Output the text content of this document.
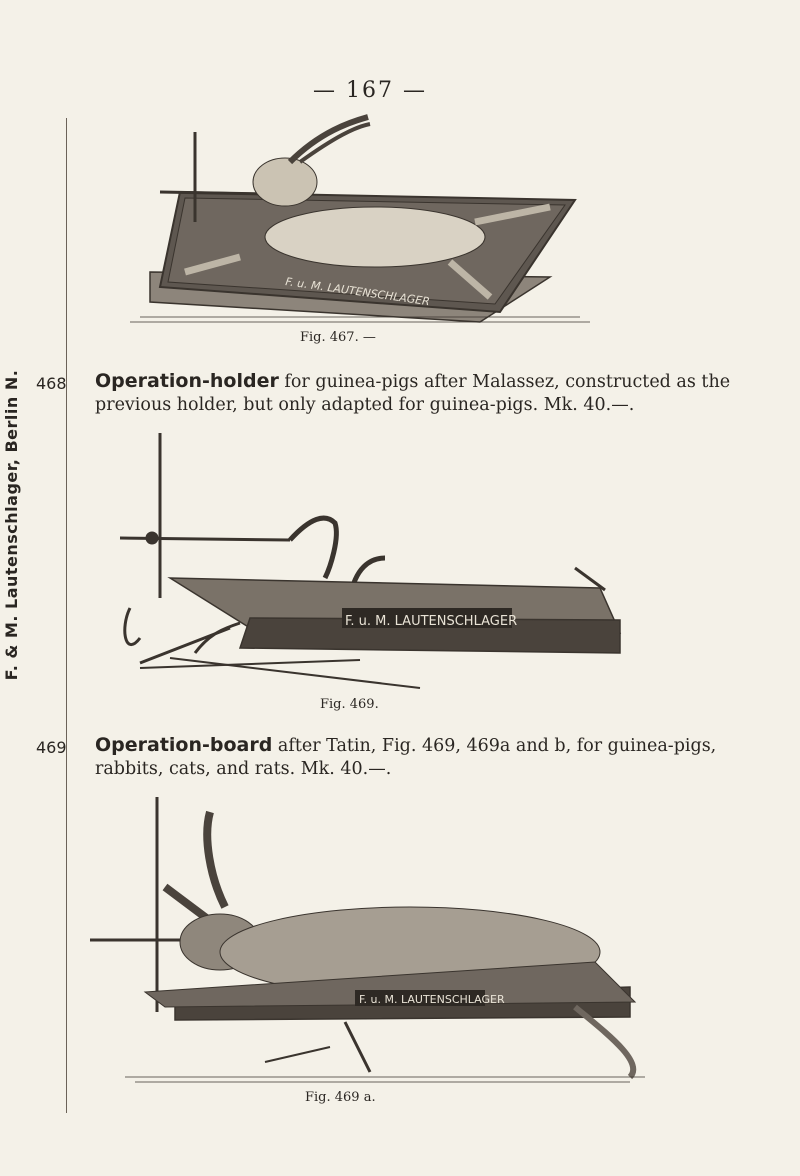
— 167 —
F. & M. Lautenschlager, Berlin N.
F. u. M. LAUTENSCHLAGER
Fig. 467. —
468 Operation-holder for guinea-pigs after Malassez, constructed as the previous holder, but only adapted for guinea-pigs. Mk. 40.—.
F. u. M. LAUTENSCHLAGER
Fig. 469.
469 Operation-board after Tatin, Fig. 469, 469a and b, for guinea-pigs, rabbits, cats, and rats. Mk. 40.—.
F. u. M. LAUTENSCHLAGER
Fig. 469 a.
